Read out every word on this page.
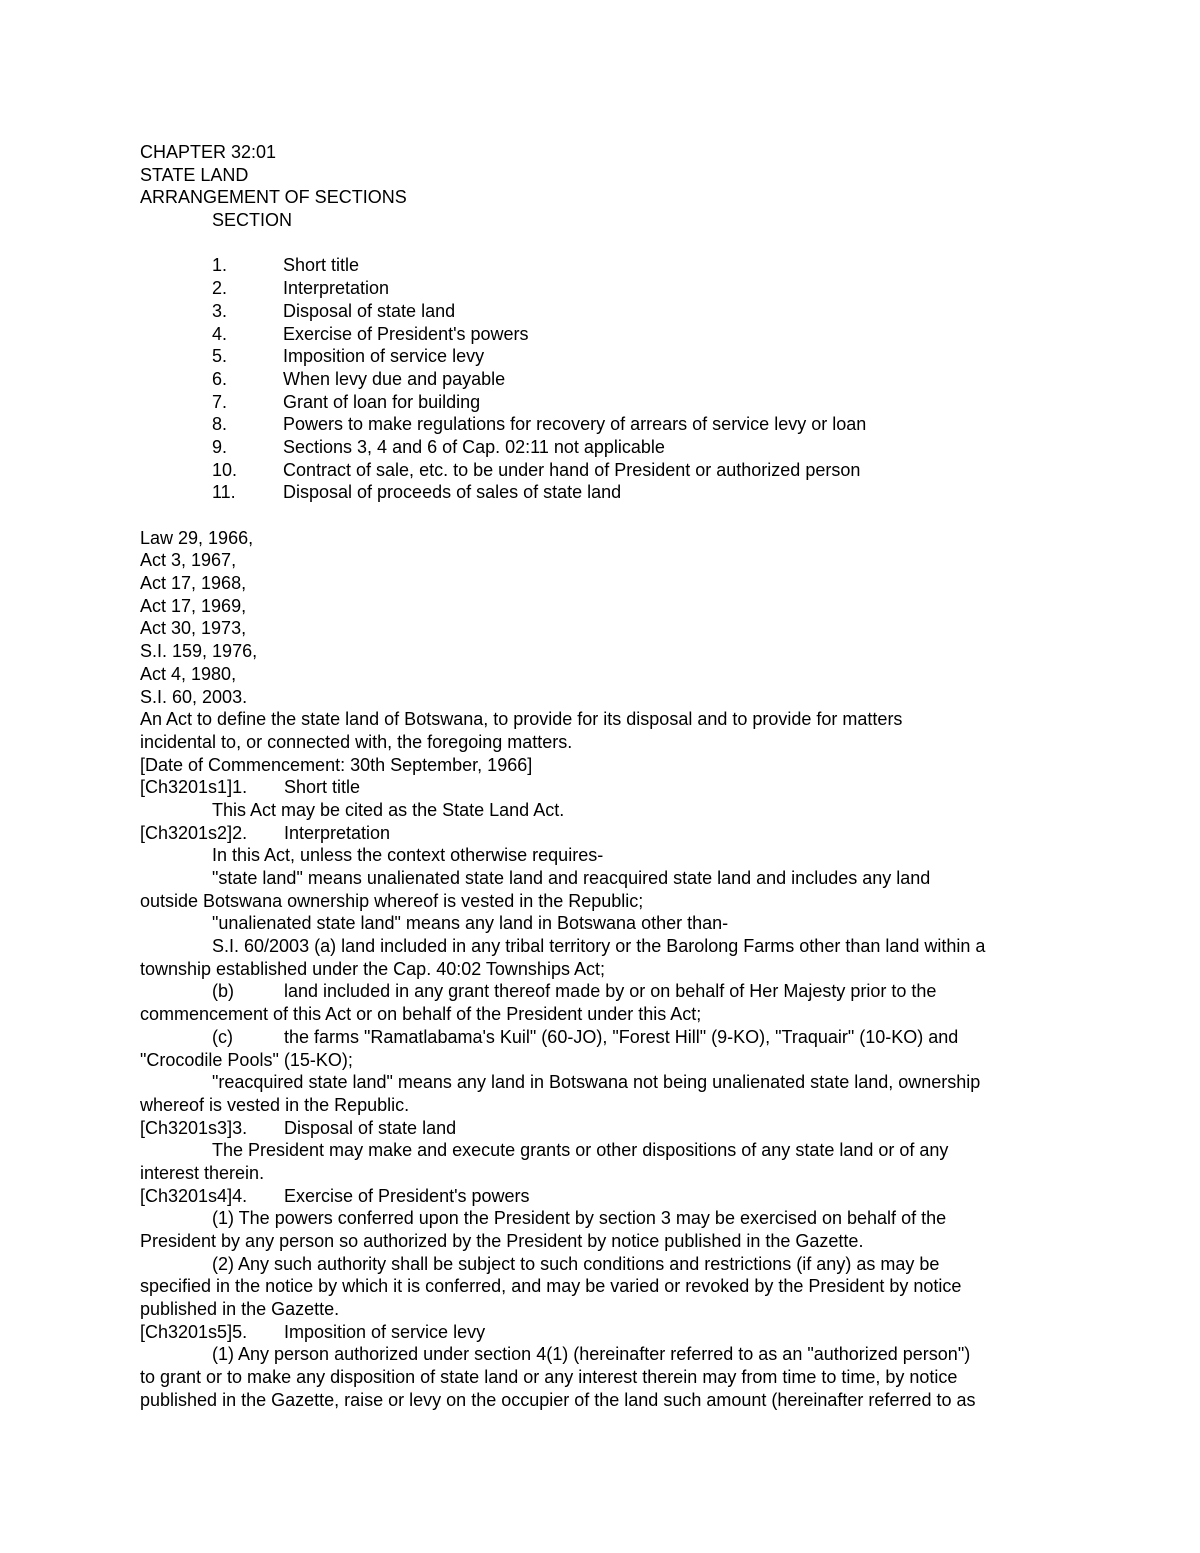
CHAPTER 32:01
STATE LAND
ARRANGEMENT OF SECTIONS
SECTION
1.	Short title
2.	Interpretation
3.	Disposal of state land
4.	Exercise of President's powers
5.	Imposition of service levy
6.	When levy due and payable
7.	Grant of loan for building
8.	Powers to make regulations for recovery of arrears of service levy or loan
9.	Sections 3, 4 and 6 of Cap. 02:11 not applicable
10.	Contract of sale, etc. to be under hand of President or authorized person
11.	Disposal of proceeds of sales of state land
Law 29, 1966,
Act 3, 1967,
Act 17, 1968,
Act 17, 1969,
Act 30, 1973,
S.I. 159, 1976,
Act 4, 1980,
S.I. 60, 2003.
An Act to define the state land of Botswana, to provide for its disposal and to provide for matters
incidental to, or connected with, the foregoing matters.
[Date of Commencement: 30th September, 1966]
[Ch3201s1]1. Short title
This Act may be cited as the State Land Act.
[Ch3201s2]2. Interpretation
In this Act, unless the context otherwise requires-
"state land" means unalienated state land and reacquired state land and includes any land
outside Botswana ownership whereof is vested in the Republic;
"unalienated state land" means any land in Botswana other than-
S.I. 60/2003 (a) land included in any tribal territory or the Barolong Farms other than land within a
township established under the Cap. 40:02 Townships Act;
(b)	land included in any grant thereof made by or on behalf of Her Majesty prior to the
commencement of this Act or on behalf of the President under this Act;
(c)	the farms "Ramatlabama's Kuil" (60-JO), "Forest Hill" (9-KO), "Traquair" (10-KO) and
"Crocodile Pools" (15-KO);
"reacquired state land" means any land in Botswana not being unalienated state land, ownership
whereof is vested in the Republic.
[Ch3201s3]3. Disposal of state land
The President may make and execute grants or other dispositions of any state land or of any
interest therein.
[Ch3201s4]4. Exercise of President's powers
(1) The powers conferred upon the President by section 3 may be exercised on behalf of the
President by any person so authorized by the President by notice published in the Gazette.
(2) Any such authority shall be subject to such conditions and restrictions (if any) as may be
specified in the notice by which it is conferred, and may be varied or revoked by the President by notice
published in the Gazette.
[Ch3201s5]5. Imposition of service levy
(1) Any person authorized under section 4(1) (hereinafter referred to as an "authorized person")
to grant or to make any disposition of state land or any interest therein may from time to time, by notice
published in the Gazette, raise or levy on the occupier of the land such amount (hereinafter referred to as
